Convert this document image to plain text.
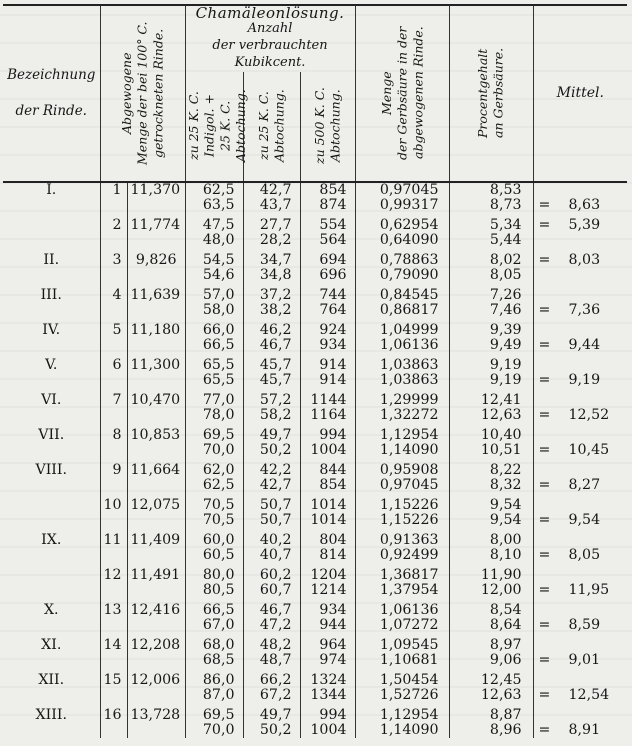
Bezeichnung
der Rinde.	Abgewogene
Menge der bei 100° C.
getrockneten Rinde.		Chamäleonlösung.
Anzahl
der verbrauchten Kubikcent.			Menge
der Gerbsäure in der
abgewogenen Rinde.	Procentgehalt
an Gerbsäure.	Mittel.

			zu 25 K. C.
Indigol. +
25 K. C.
Abtochung.	zu 25 K. C.
Abtochung.	zu 500 K. C.
Abtochung.			

I.	1	11,370	62,5	42,7	854	0,97045	8,53	
			63,5	43,7	874	0,99317	8,73	= 8,63

	2	11,774	47,5	27,7	554	0,62954	5,34	= 5,39
			48,0	28,2	564	0,64090	5,44	

II.	3	9,826	54,5	34,7	694	0,78863	8,02	= 8,03
			54,6	34,8	696	0,79090	8,05	

III.	4	11,639	57,0	37,2	744	0,84545	7,26	
			58,0	38,2	764	0,86817	7,46	= 7,36

IV.	5	11,180	66,0	46,2	924	1,04999	9,39	
			66,5	46,7	934	1,06136	9,49	= 9,44

V.	6	11,300	65,5	45,7	914	1,03863	9,19	
			65,5	45,7	914	1,03863	9,19	= 9,19

VI.	7	10,470	77,0	57,2	1144	1,29999	12,41	
			78,0	58,2	1164	1,32272	12,63	= 12,52

VII.	8	10,853	69,5	49,7	994	1,12954	10,40	
			70,0	50,2	1004	1,14090	10,51	= 10,45

VIII.	9	11,664	62,0	42,2	844	0,95908	8,22	
			62,5	42,7	854	0,97045	8,32	= 8,27

	10	12,075	70,5	50,7	1014	1,15226	9,54	
			70,5	50,7	1014	1,15226	9,54	= 9,54

IX.	11	11,409	60,0	40,2	804	0,91363	8,00	
			60,5	40,7	814	0,92499	8,10	= 8,05

	12	11,491	80,0	60,2	1204	1,36817	11,90	
			80,5	60,7	1214	1,37954	12,00	= 11,95

X.	13	12,416	66,5	46,7	934	1,06136	8,54	
			67,0	47,2	944	1,07272	8,64	= 8,59

XI.	14	12,208	68,0	48,2	964	1,09545	8,97	
			68,5	48,7	974	1,10681	9,06	= 9,01

XII.	15	12,006	86,0	66,2	1324	1,50454	12,45	
			87,0	67,2	1344	1,52726	12,63	= 12,54

XIII.	16	13,728	69,5	49,7	994	1,12954	8,87	
			70,0	50,2	1004	1,14090	8,96	= 8,91
